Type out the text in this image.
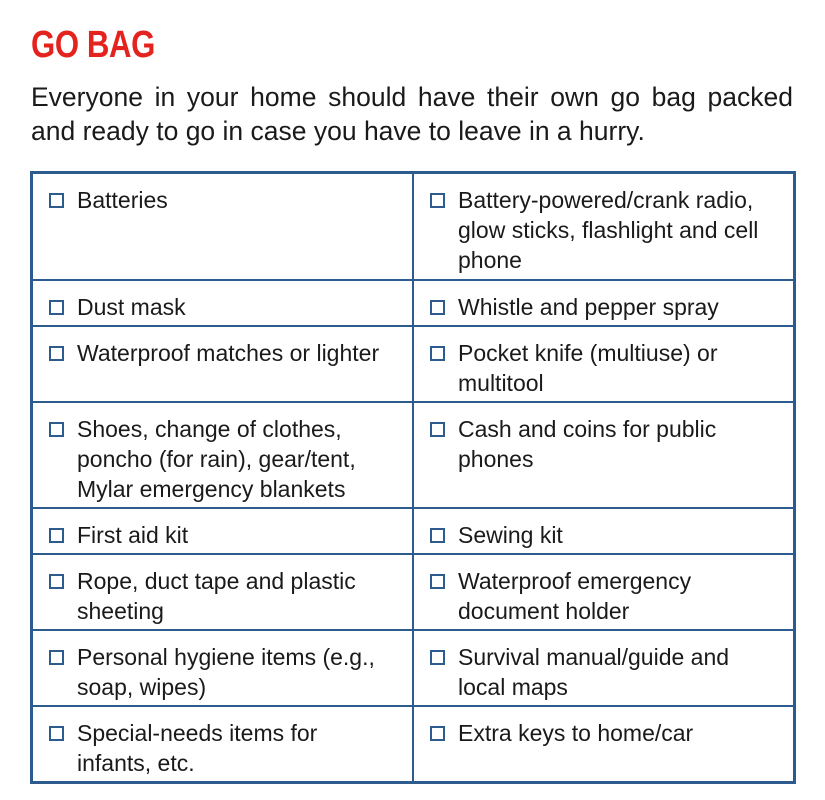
GO BAG

Everyone in your home should have their own go bag packed and ready to go in case you have to leave in a hurry.

Batteries	Battery-powered/crank radio, glow sticks, flashlight and cell phone

Dust mask	Whistle and pepper spray

Waterproof matches or lighter	Pocket knife (multiuse) or multitool

Shoes, change of clothes, poncho (for rain), gear/tent, Mylar emergency blankets	Cash and coins for public phones

First aid kit	Sewing kit

Rope, duct tape and plastic sheeting	Waterproof emergency document holder

Personal hygiene items (e.g., soap, wipes)	Survival manual/guide and local maps

Special-needs items for infants, etc.	Extra keys to home/car
